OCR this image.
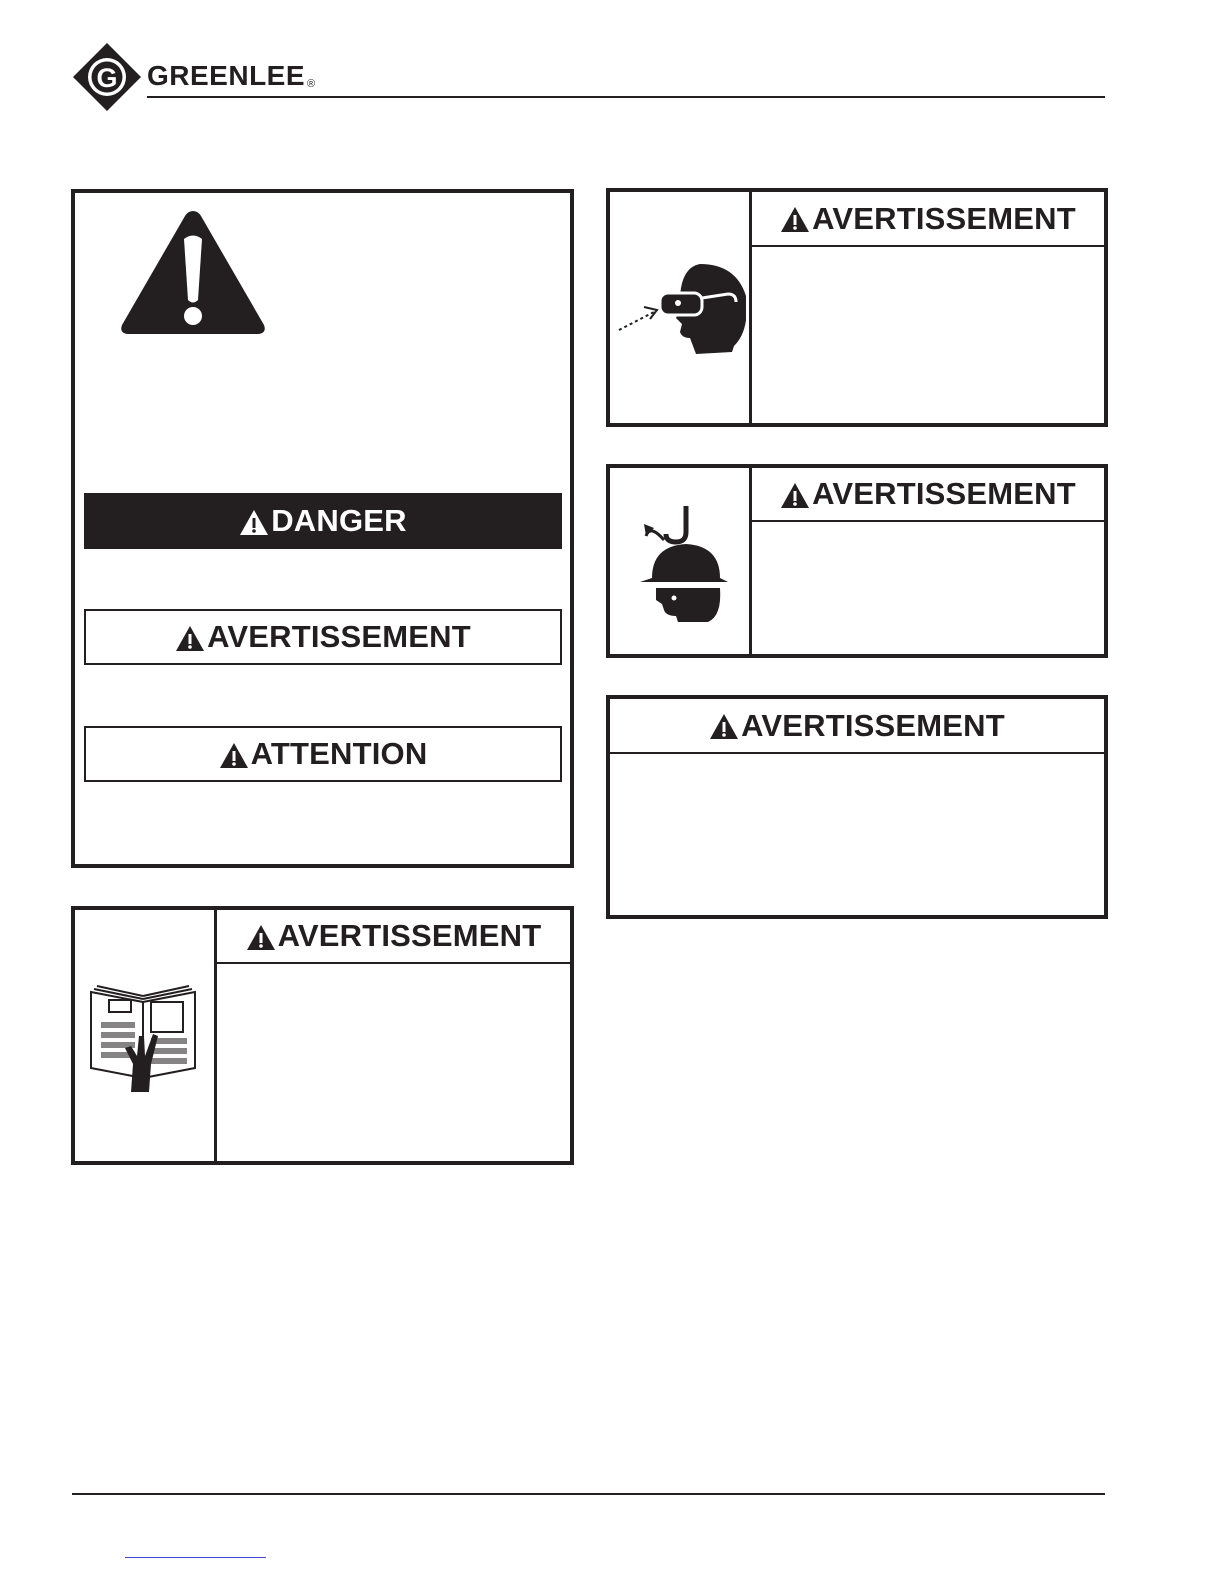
G GREENLEE ®
DANGER
AVERTISSEMENT
ATTENTION
AVERTISSEMENT
AVERTISSEMENT
AVERTISSEMENT
AVERTISSEMENT
